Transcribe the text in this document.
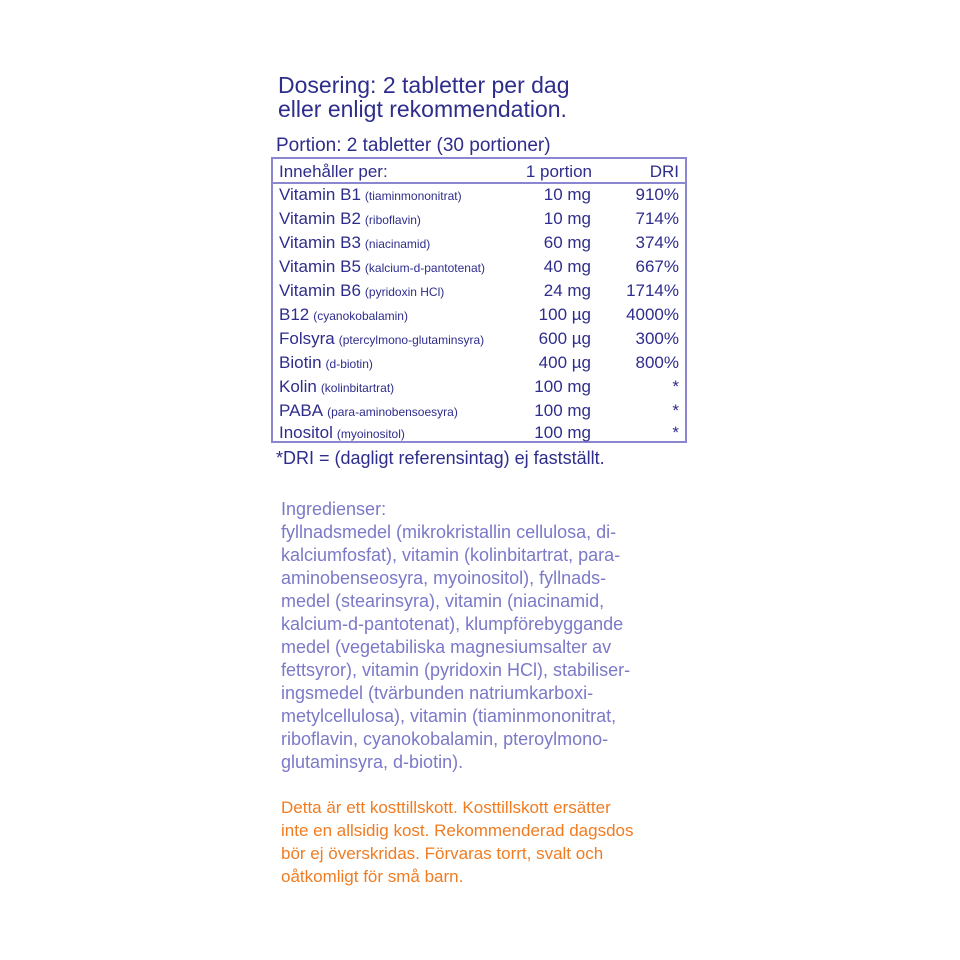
Dosering: 2 tabletter per dag
eller enligt rekommendation.
Portion: 2 tabletter (30 portioner)
Innehåller per:	1 portion	DRI
Vitamin B1 (tiaminmononitrat)	10 mg	910%
Vitamin B2 (riboflavin)	10 mg	714%
Vitamin B3 (niacinamid)	60 mg	374%
Vitamin B5 (kalcium-d-pantotenat)	40 mg	667%
Vitamin B6 (pyridoxin HCl)	24 mg 1714%
B12 (cyanokobalamin)	100 µg 4000%
Folsyra (ptercylmono-glutaminsyra)	600 µg	300%
Biotin (d-biotin)	400 µg	800%
Kolin (kolinbitartrat)	100 mg	*
PABA (para-aminobensoesyra)	100 mg	*
Inositol (myoinositol)	100 mg	*
*DRI = (dagligt referensintag) ej fastställt.
Ingredienser:
fyllnadsmedel (mikrokristallin cellulosa, di-
kalciumfosfat), vitamin (kolinbitartrat, para-
aminobenseosyra, myoinositol), fyllnads-
medel (stearinsyra), vitamin (niacinamid,
kalcium-d-pantotenat), klumpförebyggande
medel (vegetabiliska magnesiumsalter av
fettsyror), vitamin (pyridoxin HCl), stabiliser-
ingsmedel (tvärbunden natriumkarboxi-
metylcellulosa), vitamin (tiaminmononitrat,
riboflavin, cyanokobalamin, pteroylmono-
glutaminsyra, d-biotin).
Detta är ett kosttillskott. Kosttillskott ersätter
inte en allsidig kost. Rekommenderad dagsdos
bör ej överskridas. Förvaras torrt, svalt och
oåtkomligt för små barn.
